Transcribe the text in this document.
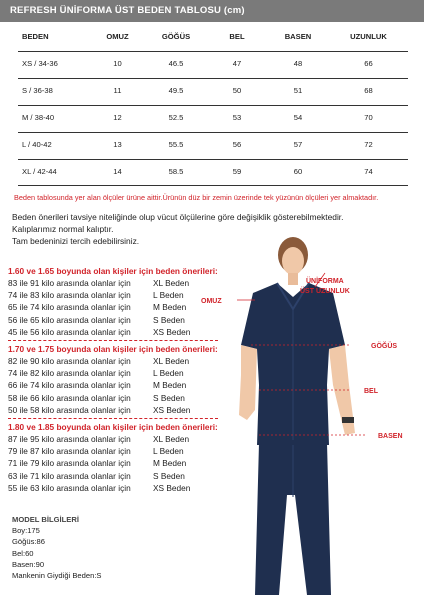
REFRESH ÜNİFORMA ÜST BEDEN TABLOSU (cm)
BEDEN	OMUZ	GÖĞÜS	BEL	BASEN	UZUNLUK
XS / 34-36	10	46.5	47	48	66
S / 36-38	11	49.5	50	51	68
M / 38-40	12	52.5	53	54	70
L / 40-42	13	55.5	56	57	72
XL / 42-44	14	58.5	59	60	74
Beden tablosunda yer alan ölçüler ürüne aittir.Ürünün düz bir zemin üzerinde tek yüzünün ölçüleri yer almaktadır.
Beden önerileri tavsiye niteliğinde olup vücut ölçülerine göre değişiklik gösterebilmektedir.
Kalıplarımız normal kalıptır.
Tam bedeninizi tercih edebilirsiniz.
OMUZ
ÜNİFORMA
ÜST UZUNLUK
GÖĞÜS
BEL
BASEN
1.60 ve 1.65 boyunda olan kişiler için beden önerileri:
83 ile 91 kilo arasında olanlar için	XL Beden
74 ile 83 kilo arasında olanlar için	L Beden
65 ile 74 kilo arasında olanlar için	M Beden
56 ile 65 kilo arasında olanlar için	S Beden
45 ile 56 kilo arasında olanlar için	XS Beden
1.70 ve 1.75 boyunda olan kişiler için beden önerileri:
82 ile 90 kilo arasında olanlar için	XL Beden
74 ile 82 kilo arasında olanlar için	L Beden
66 ile 74 kilo arasında olanlar için	M Beden
58 ile 66 kilo arasında olanlar için	S Beden
50 ile 58 kilo arasında olanlar için	XS Beden
1.80 ve 1.85 boyunda olan kişiler için beden önerileri:
87 ile 95 kilo arasında olanlar için	XL Beden
79 ile 87 kilo arasında olanlar için	L Beden
71 ile 79 kilo arasında olanlar için	M Beden
63 ile 71 kilo arasında olanlar için	S Beden
55 ile 63 kilo arasında olanlar için	XS Beden
MODEL BİLGİLERİ
Boy:175
Göğüs:86
Bel:60
Basen:90
Mankenin Giydiği Beden:S
